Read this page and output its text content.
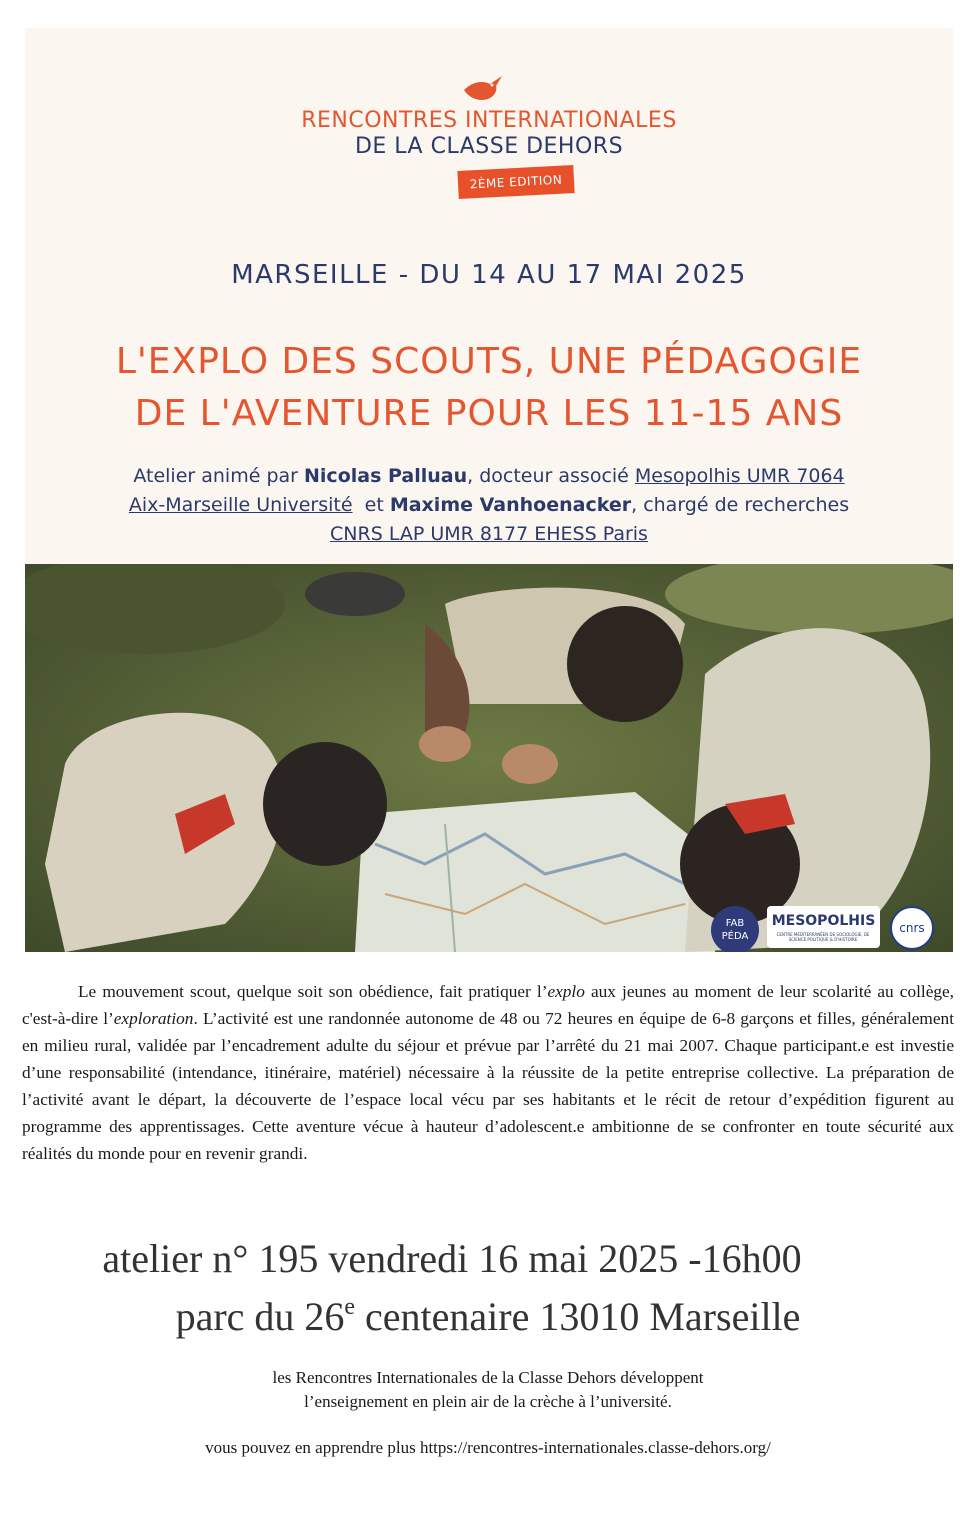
RENCONTRES INTERNATIONALES
DE LA CLASSE DEHORS
2ÈME EDITION
MARSEILLE - DU 14 AU 17 MAI 2025
L'EXPLO DES SCOUTS, UNE PÉDAGOGIE
DE L'AVENTURE POUR LES 11-15 ANS
Atelier animé par Nicolas Palluau, docteur associé Mesopolhis UMR 7064
Aix-Marseille Université  et Maxime Vanhoenacker, chargé de recherches
CNRS LAP UMR 8177 EHESS Paris
FAB
PÉDA
MESOPOLHIS
CENTRE MÉDITERRANÉEN DE SOCIOLOGIE, DE SCIENCE POLITIQUE & D'HISTOIRE
cnrs

Le mouvement scout, quelque soit son obédience, fait pratiquer l’explo aux jeunes au moment de leur scolarité au collège, c'est-à-dire l’exploration. L’activité est une randonnée autonome de 48 ou 72 heures en équipe de 6-8 garçons et filles, généralement en milieu rural, validée par l’encadrement adulte du séjour et prévue par l’arrêté du 21 mai 2007. Chaque participant.e est investie d’une responsabilité (intendance, itinéraire, matériel) nécessaire à la réussite de la petite entreprise collective. La préparation de l’activité avant le départ, la découverte de l’espace local vécu par ses habitants et le récit de retour d’expédition figurent au programme des apprentissages. Cette aventure vécue à hauteur d’adolescent.e ambitionne de se confronter en toute sécurité aux réalités du monde pour en revenir grandi.

atelier n° 195 vendredi 16 mai 2025 -16h00
parc du 26e centenaire 13010 Marseille
les Rencontres Internationales de la Classe Dehors développent
l’enseignement en plein air de la crèche à l’université.
vous pouvez en apprendre plus https://rencontres-internationales.classe-dehors.org/
